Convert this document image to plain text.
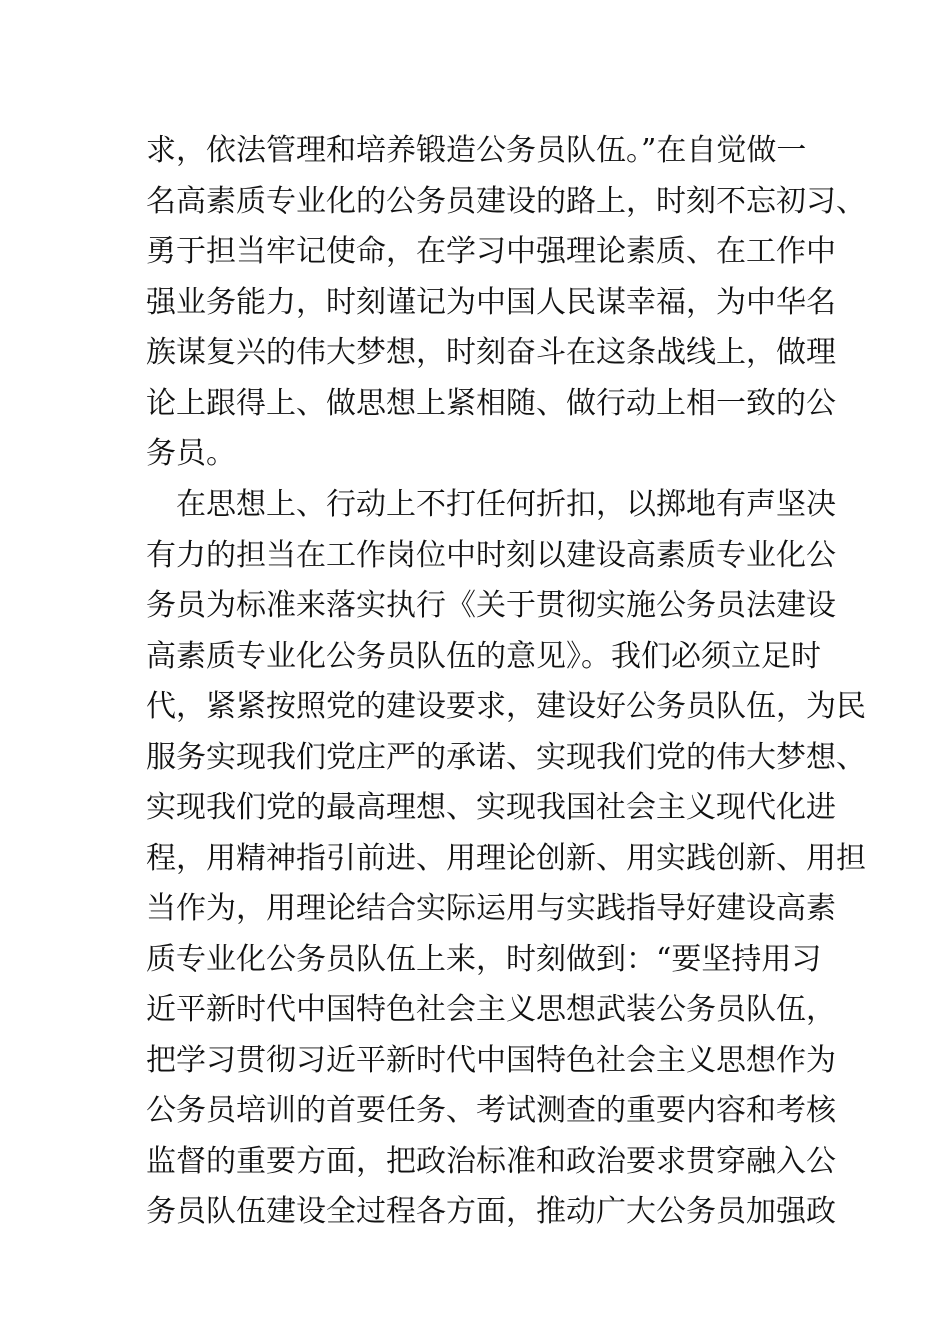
求，依法管理和培养锻造公务员队伍。”在自觉做一
名高素质专业化的公务员建设的路上，时刻不忘初习、
勇于担当牢记使命，在学习中强理论素质、在工作中
强业务能力，时刻谨记为中国人民谋幸福，为中华名
族谋复兴的伟大梦想，时刻奋斗在这条战线上，做理
论上跟得上、做思想上紧相随、做行动上相一致的公
务员。
　在思想上、行动上不打任何折扣，以掷地有声坚决
有力的担当在工作岗位中时刻以建设高素质专业化公
务员为标准来落实执行《关于贯彻实施公务员法建设
高素质专业化公务员队伍的意见》。我们必须立足时
代，紧紧按照党的建设要求，建设好公务员队伍，为民
服务实现我们党庄严的承诺、实现我们党的伟大梦想、
实现我们党的最高理想、实现我国社会主义现代化进
程，用精神指引前进、用理论创新、用实践创新、用担
当作为，用理论结合实际运用与实践指导好建设高素
质专业化公务员队伍上来，时刻做到：“要坚持用习
近平新时代中国特色社会主义思想武装公务员队伍，
把学习贯彻习近平新时代中国特色社会主义思想作为
公务员培训的首要任务、考试测查的重要内容和考核
监督的重要方面，把政治标准和政治要求贯穿融入公
务员队伍建设全过程各方面，推动广大公务员加强政
